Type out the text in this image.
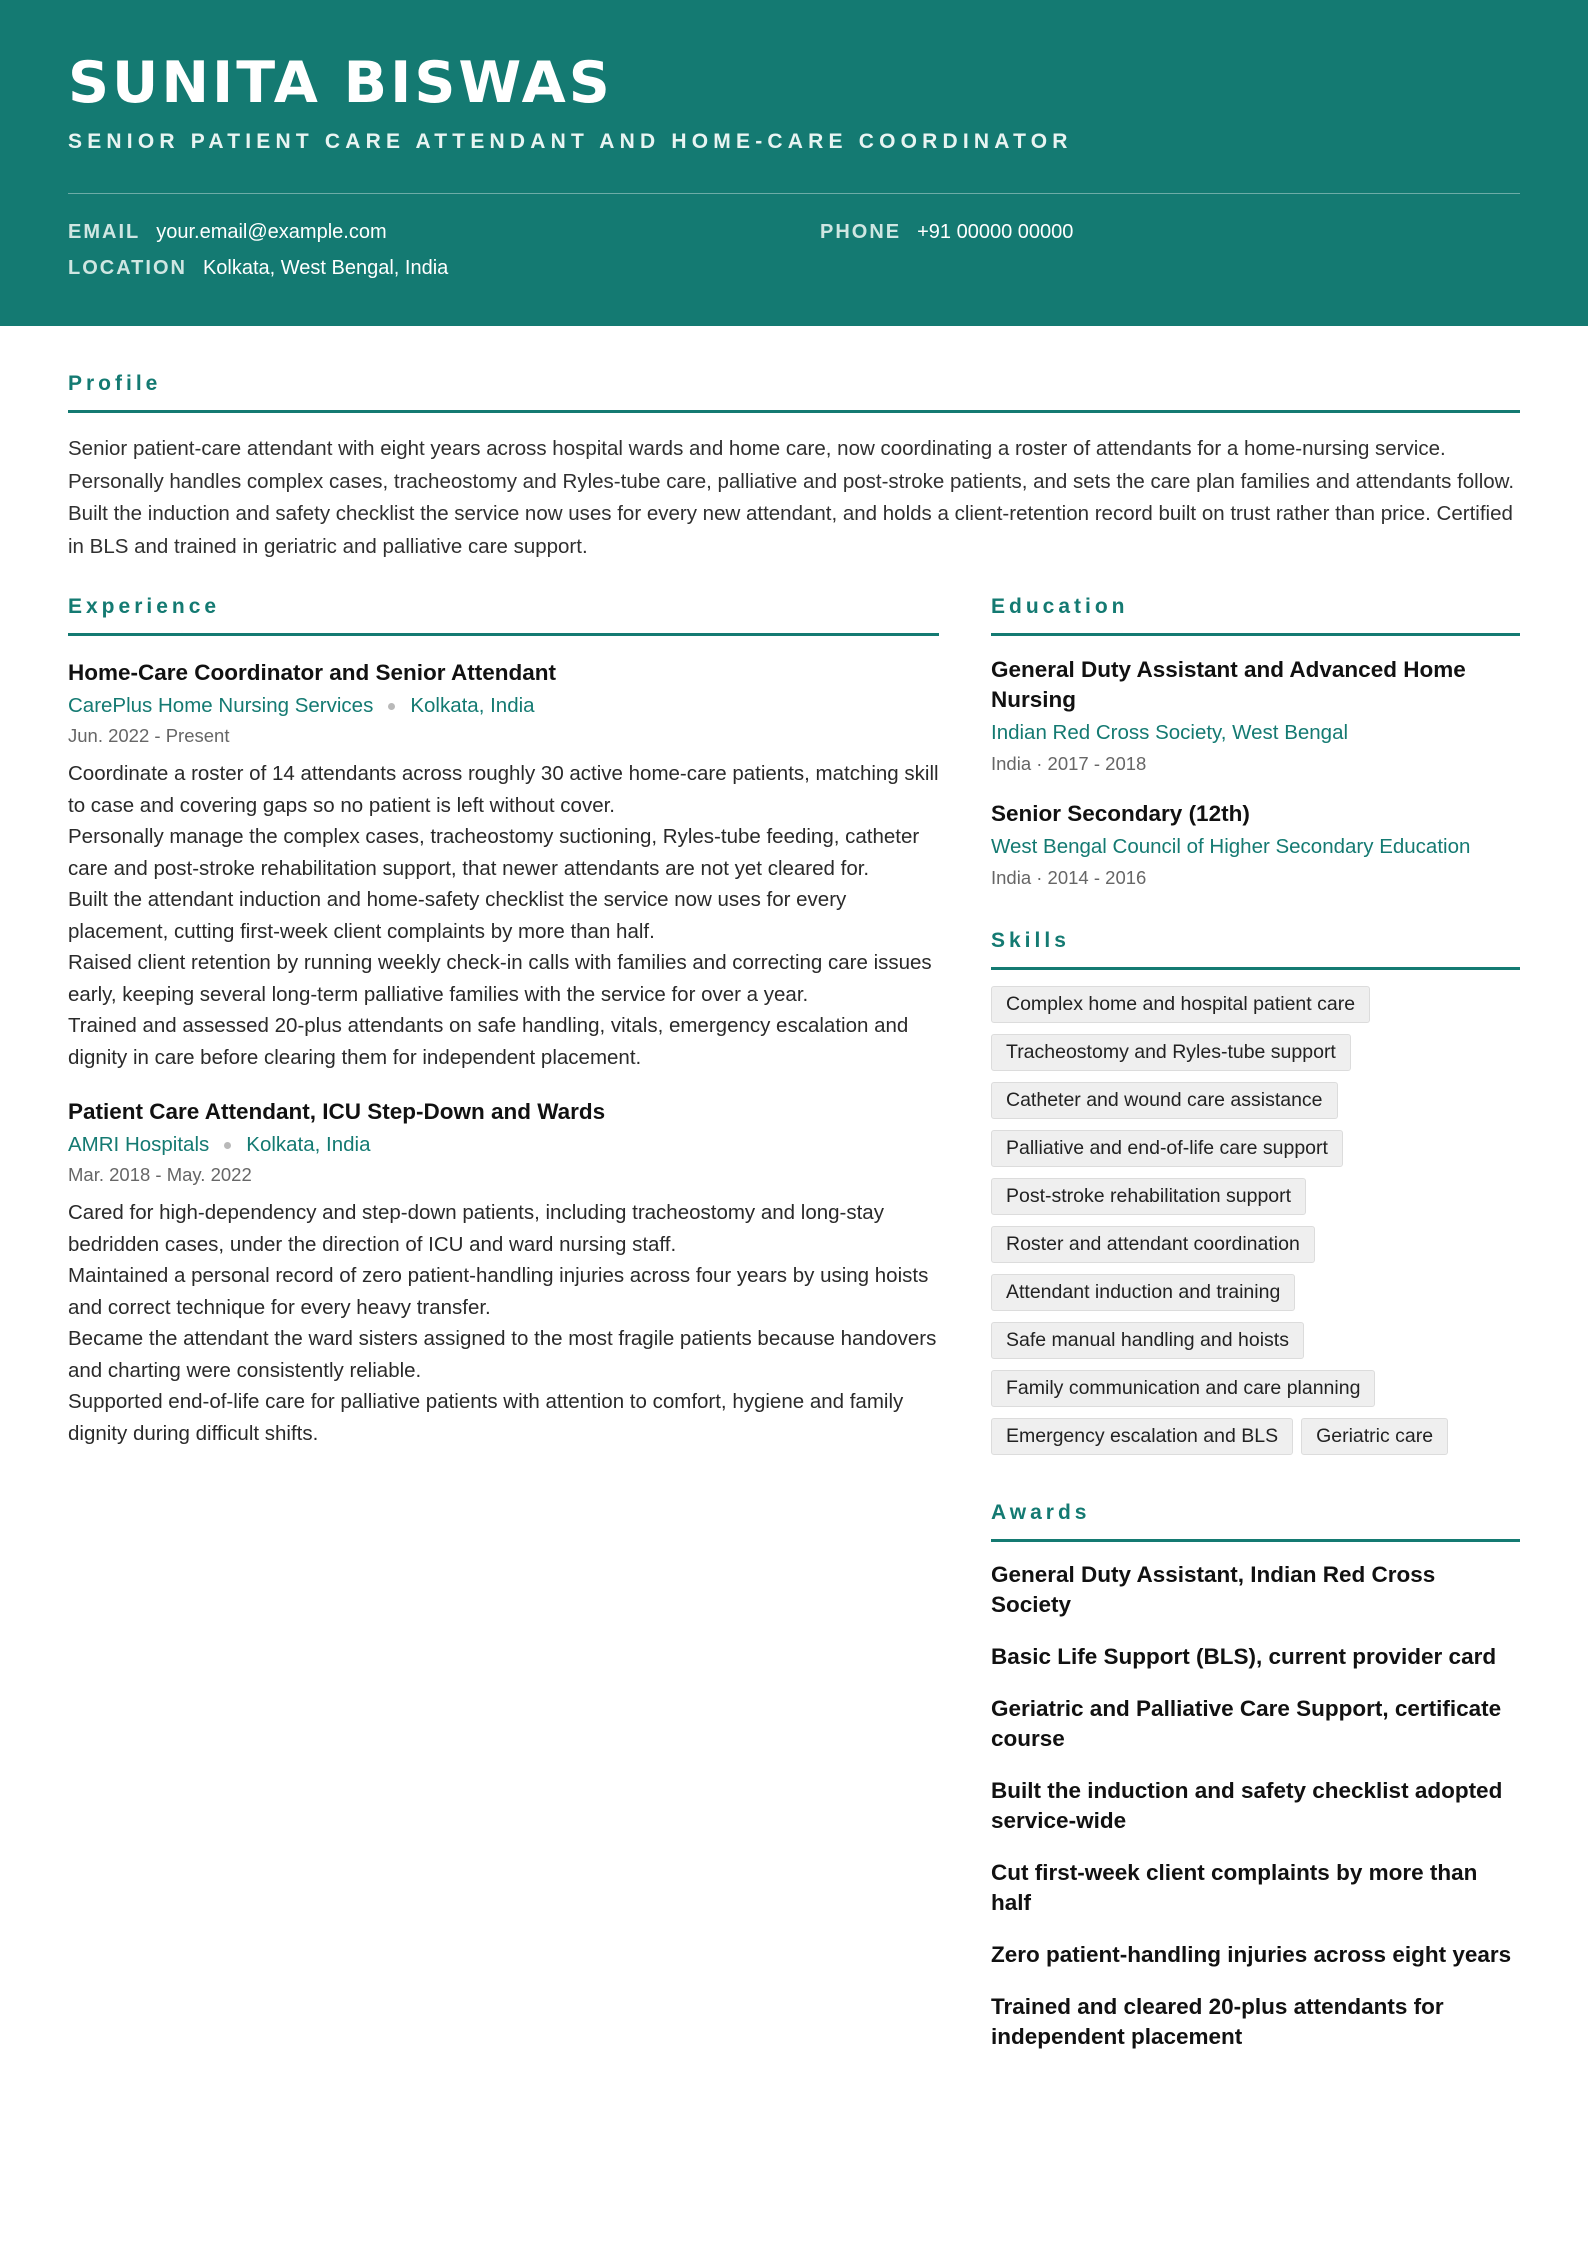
SUNITA BISWAS
SENIOR PATIENT CARE ATTENDANT AND HOME-CARE COORDINATOR
EMAIL your.email@example.com	PHONE +91 00000 00000
LOCATION Kolkata, West Bengal, India
Profile

Senior patient-care attendant with eight years across hospital wards and home care, now coordinating a roster of attendants for a home-nursing service. Personally handles complex cases, tracheostomy and Ryles-tube care, palliative and post-stroke patients, and sets the care plan families and attendants follow. Built the induction and safety checklist the service now uses for every new attendant, and holds a client-retention record built on trust rather than price. Certified in BLS and trained in geriatric and palliative care support.

Experience
Home-Care Coordinator and Senior Attendant
CarePlus Home Nursing Services Kolkata, India
Jun. 2022 - Present

Coordinate a roster of 14 attendants across roughly 30 active home-care patients, matching skill to case and covering gaps so no patient is left without cover.

Personally manage the complex cases, tracheostomy suctioning, Ryles-tube feeding, catheter care and post-stroke rehabilitation support, that newer attendants are not yet cleared for.

Built the attendant induction and home-safety checklist the service now uses for every placement, cutting first-week client complaints by more than half.

Raised client retention by running weekly check-in calls with families and correcting care issues early, keeping several long-term palliative families with the service for over a year.

Trained and assessed 20-plus attendants on safe handling, vitals, emergency escalation and dignity in care before clearing them for independent placement.

Patient Care Attendant, ICU Step-Down and Wards
AMRI Hospitals Kolkata, India
Mar. 2018 - May. 2022

Cared for high-dependency and step-down patients, including tracheostomy and long-stay bedridden cases, under the direction of ICU and ward nursing staff.

Maintained a personal record of zero patient-handling injuries across four years by using hoists and correct technique for every heavy transfer.

Became the attendant the ward sisters assigned to the most fragile patients because handovers and charting were consistently reliable.

Supported end-of-life care for palliative patients with attention to comfort, hygiene and family dignity during difficult shifts.

Education
General Duty Assistant and Advanced Home Nursing
Indian Red Cross Society, West Bengal
India · 2017 - 2018
Senior Secondary (12th)
West Bengal Council of Higher Secondary Education
India · 2014 - 2016
Skills
Complex home and hospital patient care
Tracheostomy and Ryles-tube support
Catheter and wound care assistance
Palliative and end-of-life care support
Post-stroke rehabilitation support
Roster and attendant coordination
Attendant induction and training
Safe manual handling and hoists
Family communication and care planning
Emergency escalation and BLS	Geriatric care
Awards
General Duty Assistant, Indian Red Cross Society
Basic Life Support (BLS), current provider card
Geriatric and Palliative Care Support, certificate course
Built the induction and safety checklist adopted service-wide
Cut first-week client complaints by more than half
Zero patient-handling injuries across eight years
Trained and cleared 20-plus attendants for independent placement
